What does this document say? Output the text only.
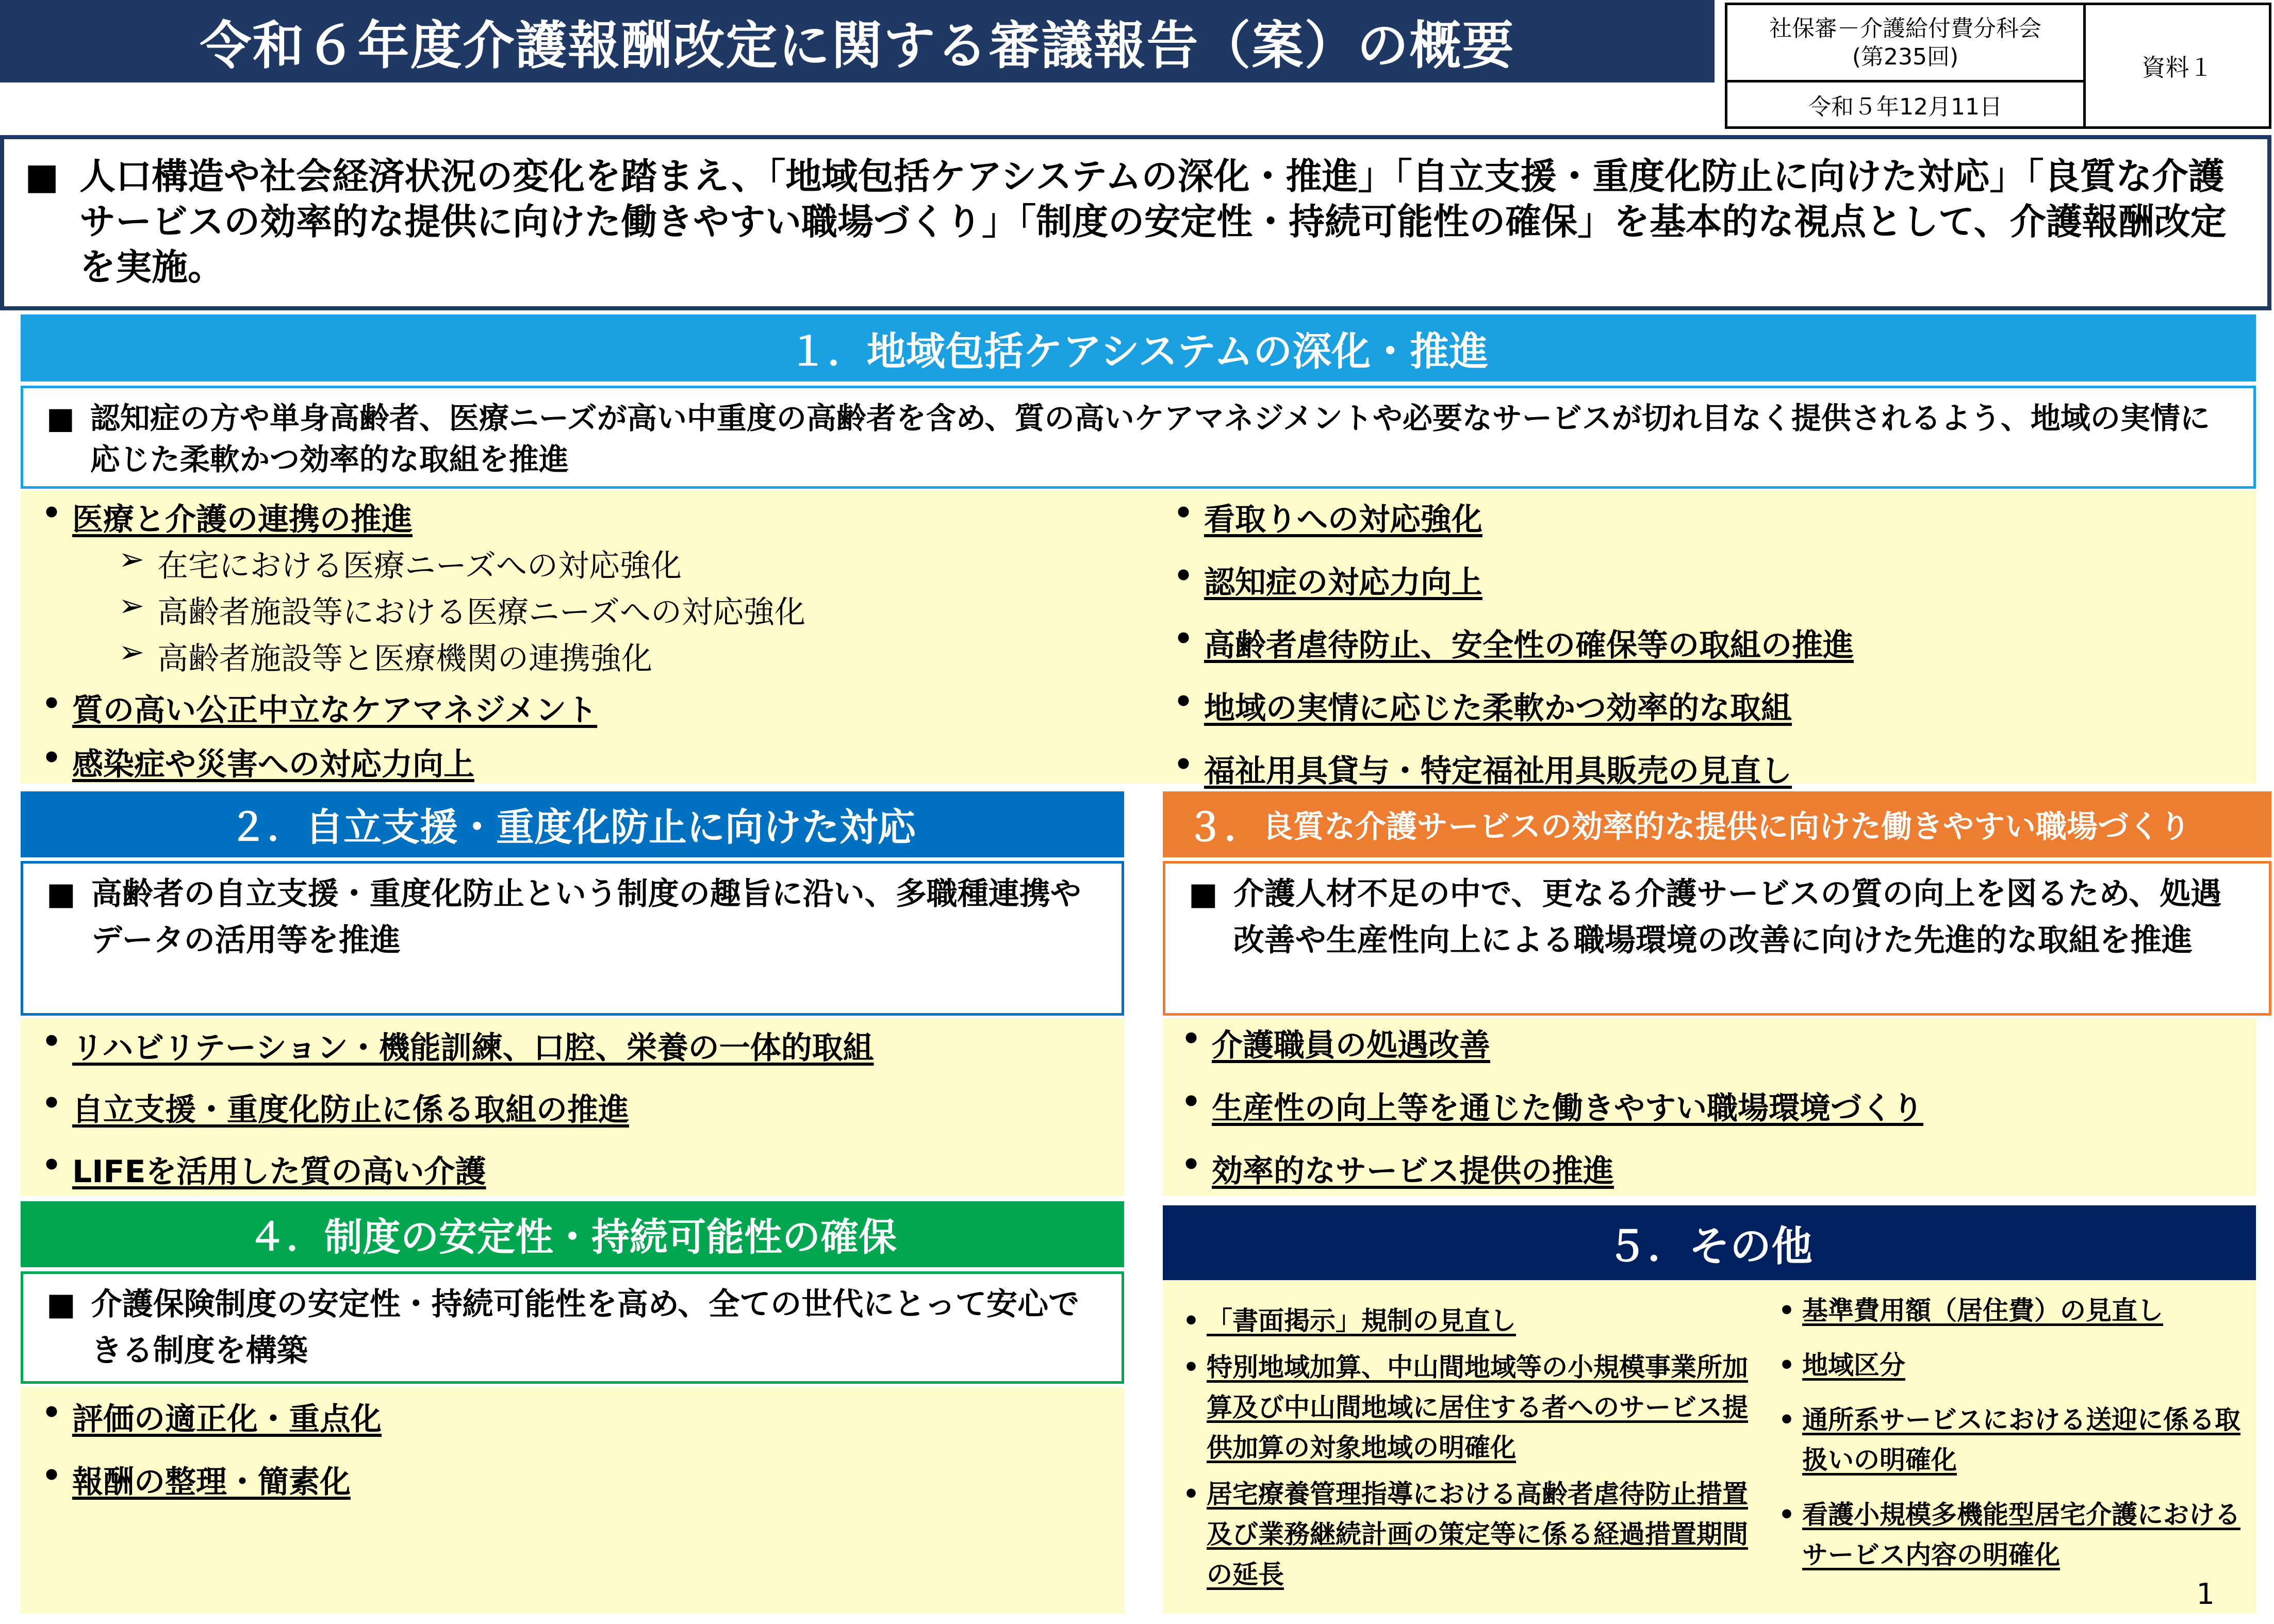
令和６年度介護報酬改定に関する審議報告（案）の概要	社保審－介護給付費分科会
(第235回)
令和５年12月11日
資料１
■ 人口構造や社会経済状況の変化を踏まえ、「地域包括ケアシステムの深化・推進」「自立支援・重度化防止に向けた対応」「良質な介護サービスの効率的な提供に向けた働きやすい職場づくり」「制度の安定性・持続可能性の確保」を基本的な視点として、介護報酬改定を実施。
１．地域包括ケアシステムの深化・推進
■ 認知症の方や単身高齢者、医療ニーズが高い中重度の高齢者を含め、質の高いケアマネジメントや必要なサービスが切れ目なく提供されるよう、地域の実情に応じた柔軟かつ効率的な取組を推進
• 医療と介護の連携の推進
➢ 在宅における医療ニーズへの対応強化
➢ 高齢者施設等における医療ニーズへの対応強化
➢ 高齢者施設等と医療機関の連携強化
• 質の高い公正中立なケアマネジメント
• 感染症や災害への対応力向上
• 看取りへの対応強化
• 認知症の対応力向上
• 高齢者虐待防止、安全性の確保等の取組の推進
• 地域の実情に応じた柔軟かつ効率的な取組
• 福祉用具貸与・特定福祉用具販売の見直し
２．自立支援・重度化防止に向けた対応
■ 高齢者の自立支援・重度化防止という制度の趣旨に沿い、多職種連携やデータの活用等を推進
• リハビリテーション・機能訓練、口腔、栄養の一体的取組
• 自立支援・重度化防止に係る取組の推進
• LIFEを活用した質の高い介護
３． 良質な介護サービスの効率的な提供に向けた働きやすい職場づくり
■ 介護人材不足の中で、更なる介護サービスの質の向上を図るため、処遇改善や生産性向上による職場環境の改善に向けた先進的な取組を推進
• 介護職員の処遇改善
• 生産性の向上等を通じた働きやすい職場環境づくり
• 効率的なサービス提供の推進
４．制度の安定性・持続可能性の確保
■ 介護保険制度の安定性・持続可能性を高め、全ての世代にとって安心できる制度を構築
• 評価の適正化・重点化
• 報酬の整理・簡素化
５．その他
• 「書面掲示」規制の見直し
• 特別地域加算、中山間地域等の小規模事業所加算及び中山間地域に居住する者へのサービス提供加算の対象地域の明確化
• 居宅療養管理指導における高齢者虐待防止措置及び業務継続計画の策定等に係る経過措置期間の延長
• 基準費用額（居住費）の見直し
• 地域区分
• 通所系サービスにおける送迎に係る取扱いの明確化
• 看護小規模多機能型居宅介護におけるサービス内容の明確化
1
